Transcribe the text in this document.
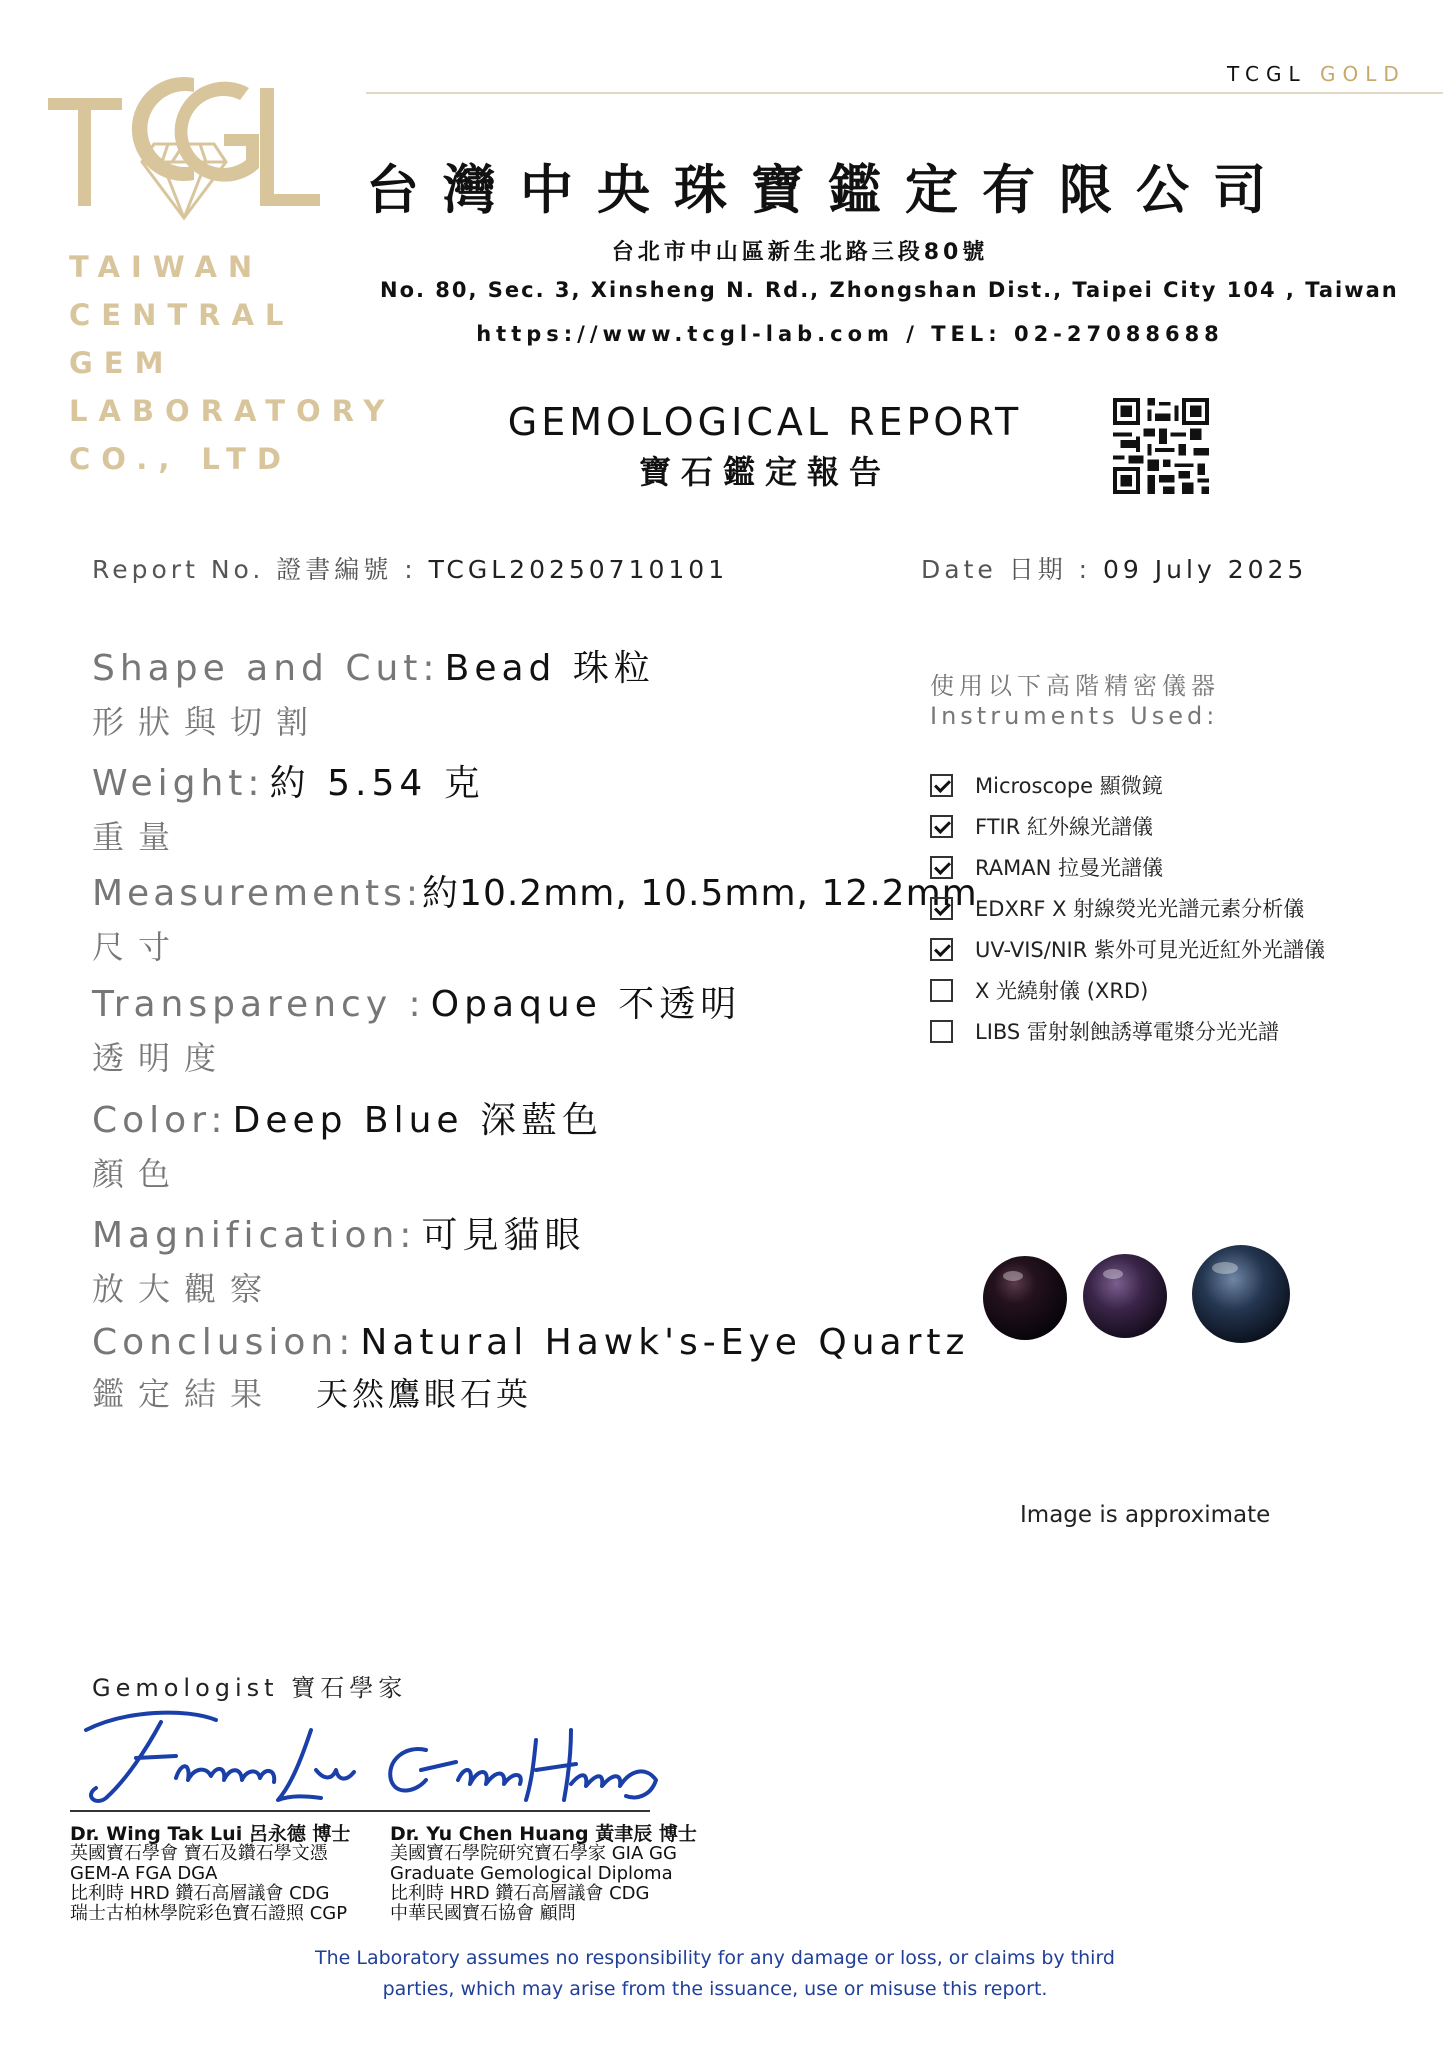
TAIWAN
CENTRAL
GEM
LABORATORY
CO., LTD
TCGL GOLD
台灣中央珠寶鑑定有限公司
台北市中山區新生北路三段80號
No. 80, Sec. 3, Xinsheng N. Rd., Zhongshan Dist., Taipei City 104 , Taiwan
https://www.tcgl-lab.com / TEL: 02-27088688
GEMOLOGICAL REPORT
寶石鑑定報告
Report No. 證書編號 : TCGL20250710101	Date 日期 : 09 July 2025
Shape and Cut: Bead 珠粒
形狀與切割
Weight: 約 5.54 克
重量
Measurements:約10.2mm, 10.5mm, 12.2mm
尺寸
Transparency : Opaque 不透明
透明度
Color: Deep Blue 深藍色
顏色
Magnification: 可見貓眼
放大觀察
Conclusion: Natural Hawk's-Eye Quartz
鑑定結果 天然鷹眼石英
使用以下高階精密儀器
Instruments Used:
Microscope 顯微鏡
FTIR 紅外線光譜儀
RAMAN 拉曼光譜儀
EDXRF X 射線熒光光譜元素分析儀
UV-VIS/NIR 紫外可見光近紅外光譜儀
X 光繞射儀 (XRD)
LIBS 雷射剝蝕誘導電漿分光光譜
Image is approximate
Gemologist 寶石學家
Dr. Wing Tak Lui 呂永德 博士
英國寶石學會 寶石及鑽石學文憑
GEM-A FGA DGA
比利時 HRD 鑽石高層議會 CDG
瑞士古柏林學院彩色寶石證照 CGP
Dr. Yu Chen Huang 黃聿辰 博士
美國寶石學院研究寶石學家 GIA GG
Graduate Gemological Diploma
比利時 HRD 鑽石高層議會 CDG
中華民國寶石協會 顧問
The Laboratory assumes no responsibility for any damage or loss, or claims by third parties, which may arise from the issuance, use or misuse this report.
